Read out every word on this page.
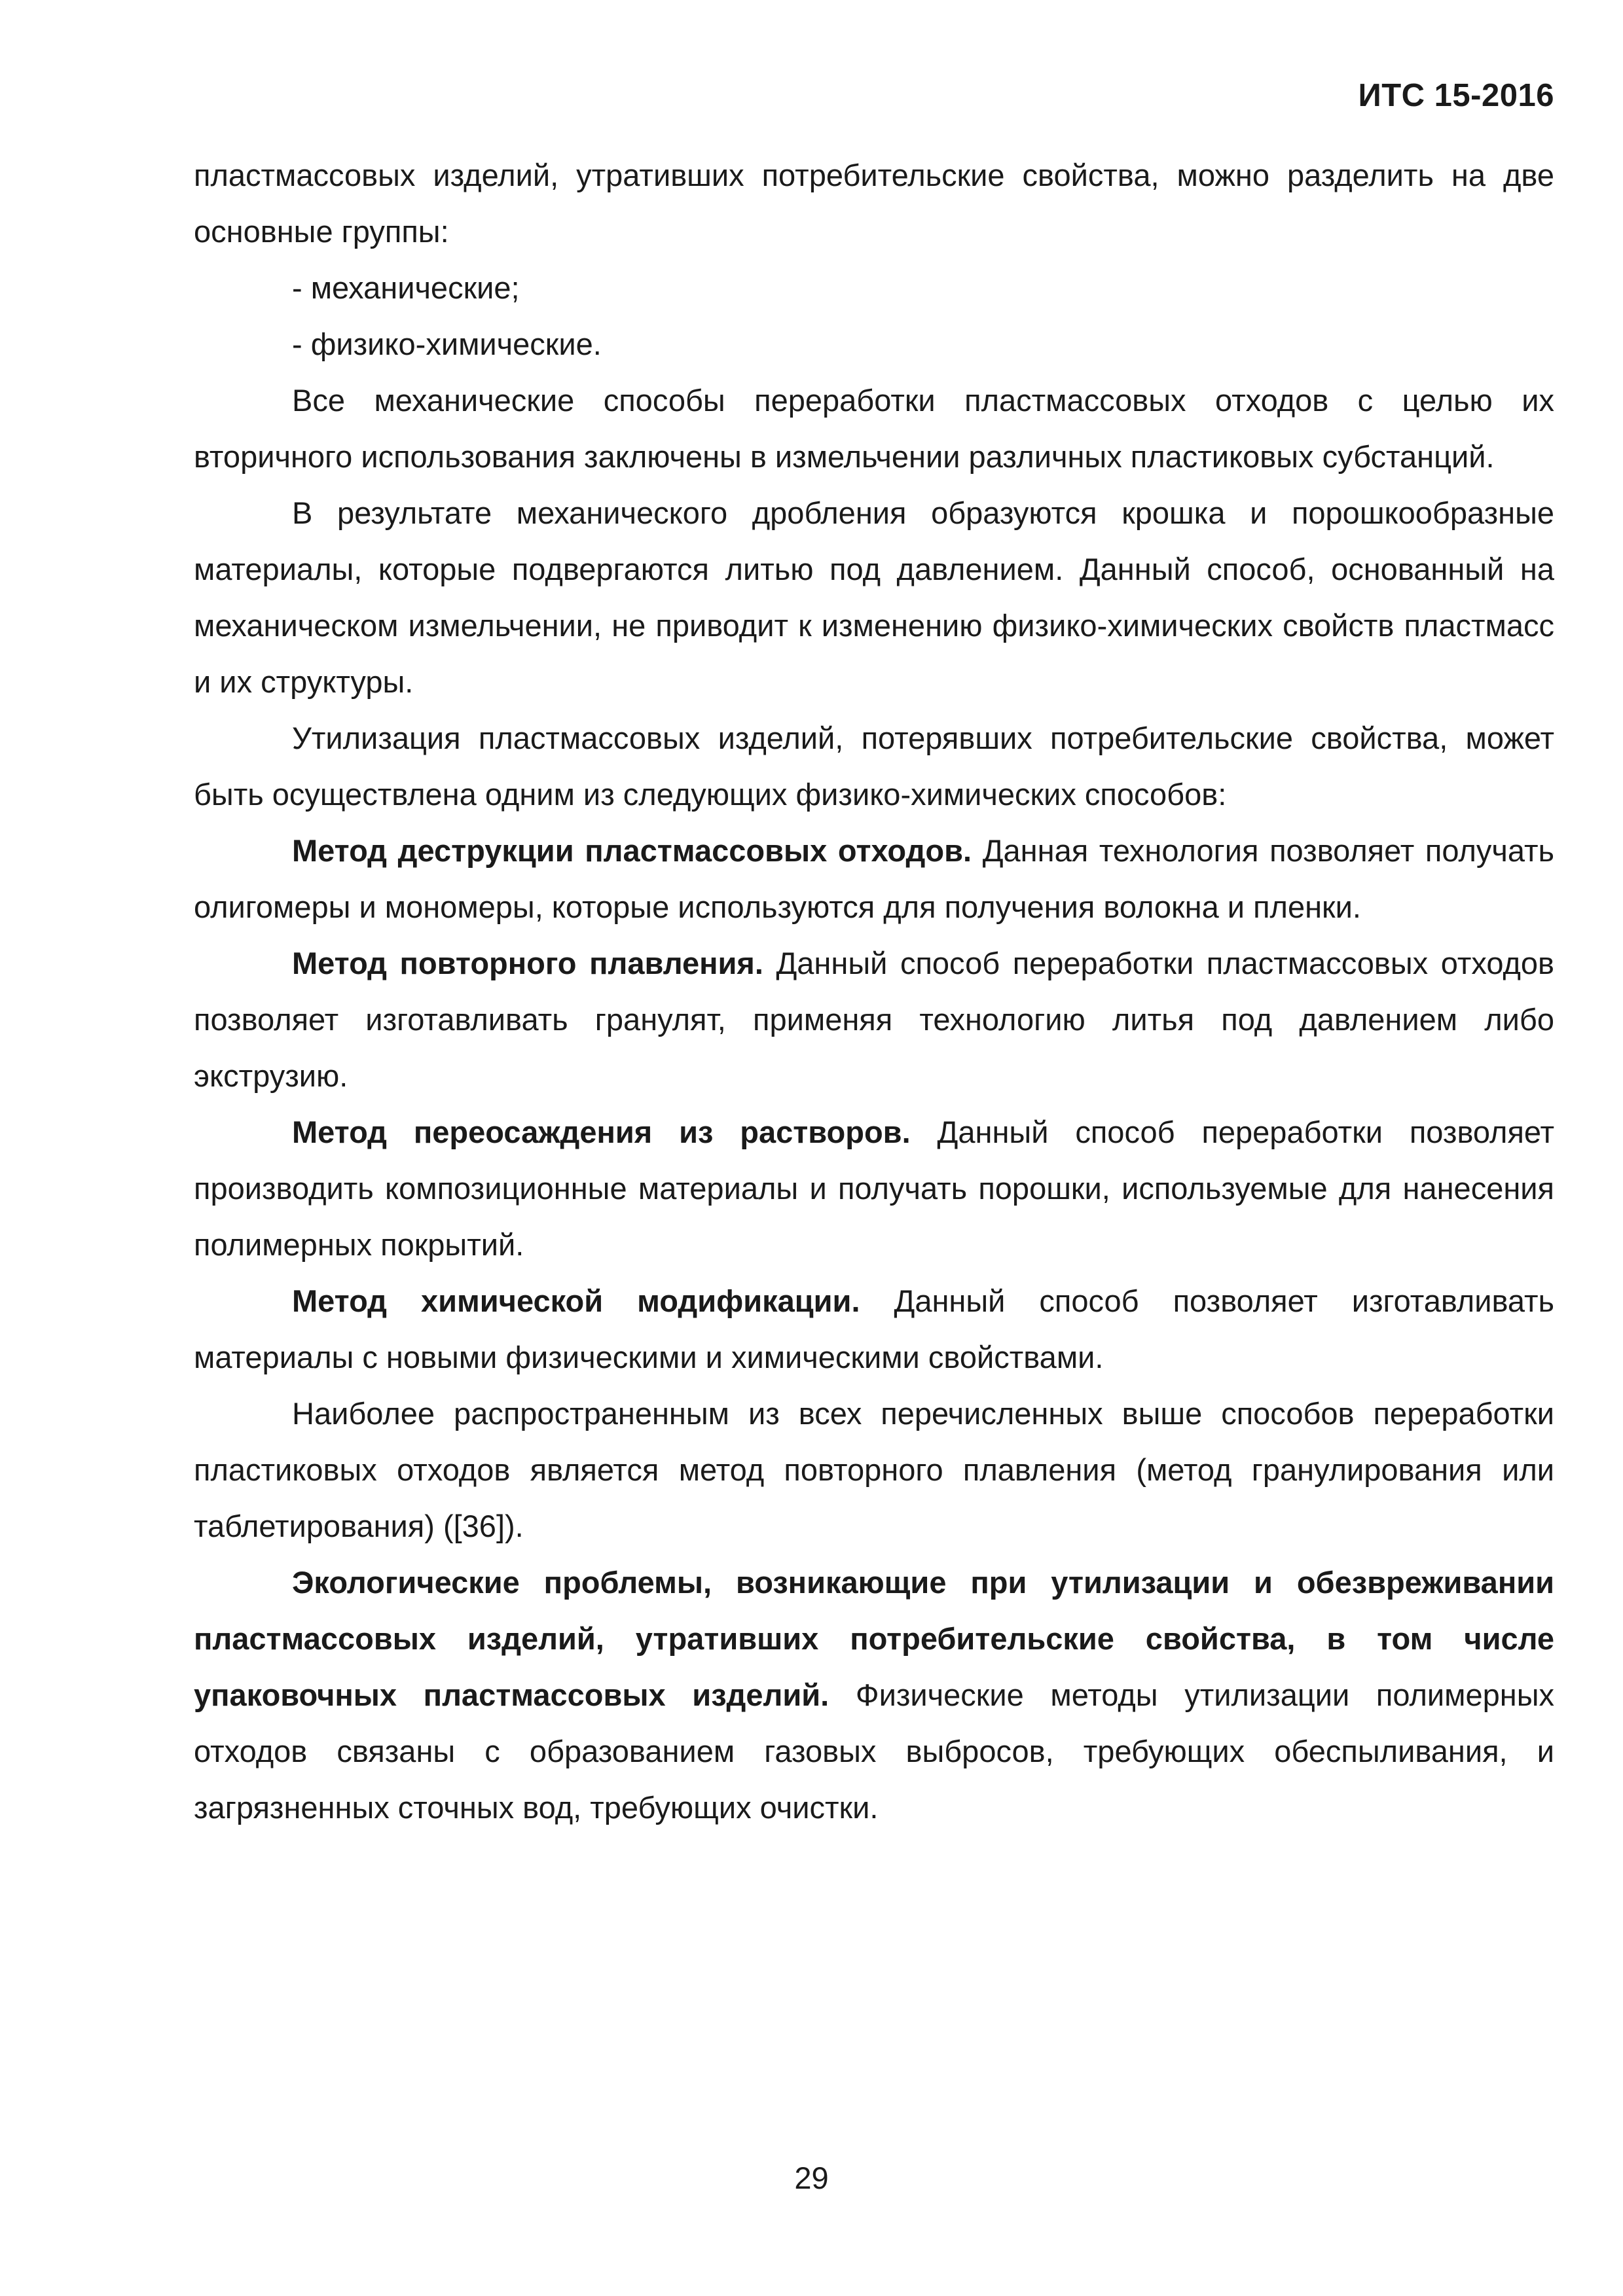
ИТС 15-2016

пластмассовых изделий, утративших потребительские свойства, можно разделить на две основные группы:

- механические;

- физико-химические.

Все механические способы переработки пластмассовых отходов с целью их вторичного использования заключены в измельчении различных пластиковых субстанций.

В результате механического дробления образуются крошка и порошкообразные материалы, которые подвергаются литью под давлением. Данный способ, основанный на механическом измельчении, не приводит к изменению физико-химических свойств пластмасс и их структуры.

Утилизация пластмассовых изделий, потерявших потребительские свойства, может быть осуществлена одним из следующих физико-химических способов:

Метод деструкции пластмассовых отходов. Данная технология позволяет получать олигомеры и мономеры, которые используются для получения волокна и пленки.

Метод повторного плавления. Данный способ переработки пластмассовых отходов позволяет изготавливать гранулят, применяя технологию литья под давлением либо экструзию.

Метод переосаждения из растворов. Данный способ переработки позволяет производить композиционные материалы и получать порошки, используемые для нанесения полимерных покрытий.

Метод химической модификации. Данный способ позволяет изготавливать материалы с новыми физическими и химическими свойствами.

Наиболее распространенным из всех перечисленных выше способов переработки пластиковых отходов является метод повторного плавления (метод гранулирования или таблетирования) ([36]).

Экологические проблемы, возникающие при утилизации и обезвреживании пластмассовых изделий, утративших потребительские свойства, в том числе упаковочных пластмассовых изделий. Физические методы утилизации полимерных отходов связаны с образованием газовых выбросов, требующих обеспыливания, и загрязненных сточных вод, требующих очистки.

29
